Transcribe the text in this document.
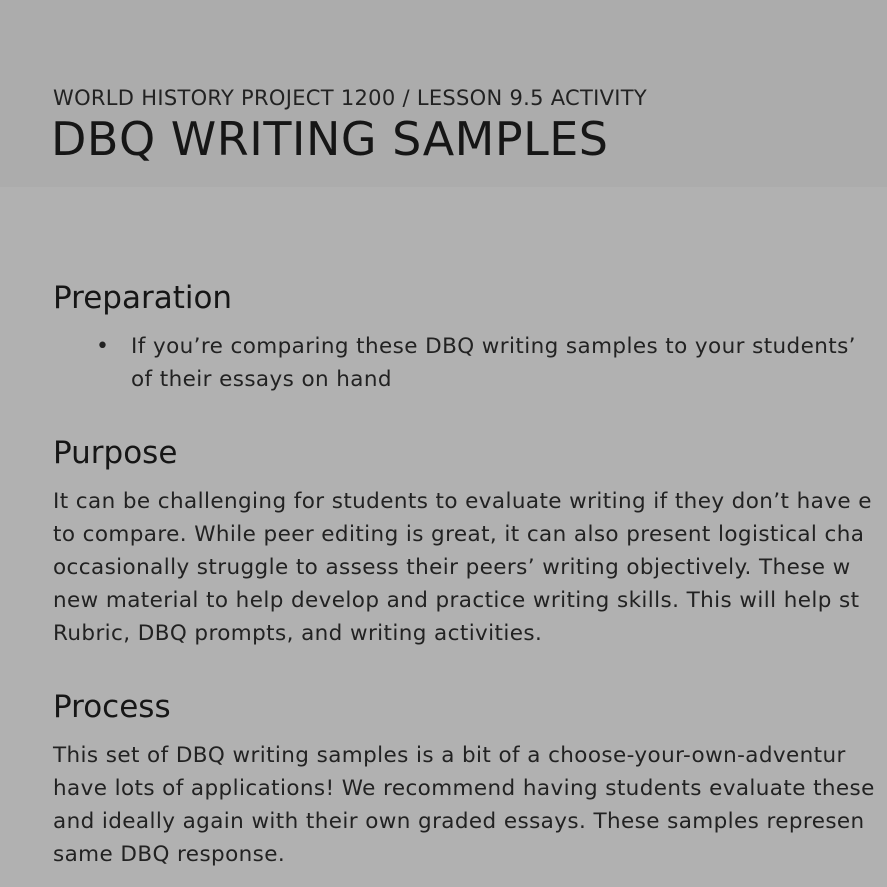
WORLD HISTORY PROJECT 1200 / LESSON 9.5 ACTIVITY
DBQ WRITING SAMPLES
Preparation
• If you’re comparing these DBQ writing samples to your students’
of their essays on hand
Purpose
It can be challenging for students to evaluate writing if they don’t have e
to compare. While peer editing is great, it can also present logistical cha
occasionally struggle to assess their peers’ writing objectively. These w
new material to help develop and practice writing skills. This will help st
Rubric, DBQ prompts, and writing activities.
Process
This set of DBQ writing samples is a bit of a choose-your-own-adventur
have lots of applications! We recommend having students evaluate these
and ideally again with their own graded essays. These samples represen
same DBQ response.
